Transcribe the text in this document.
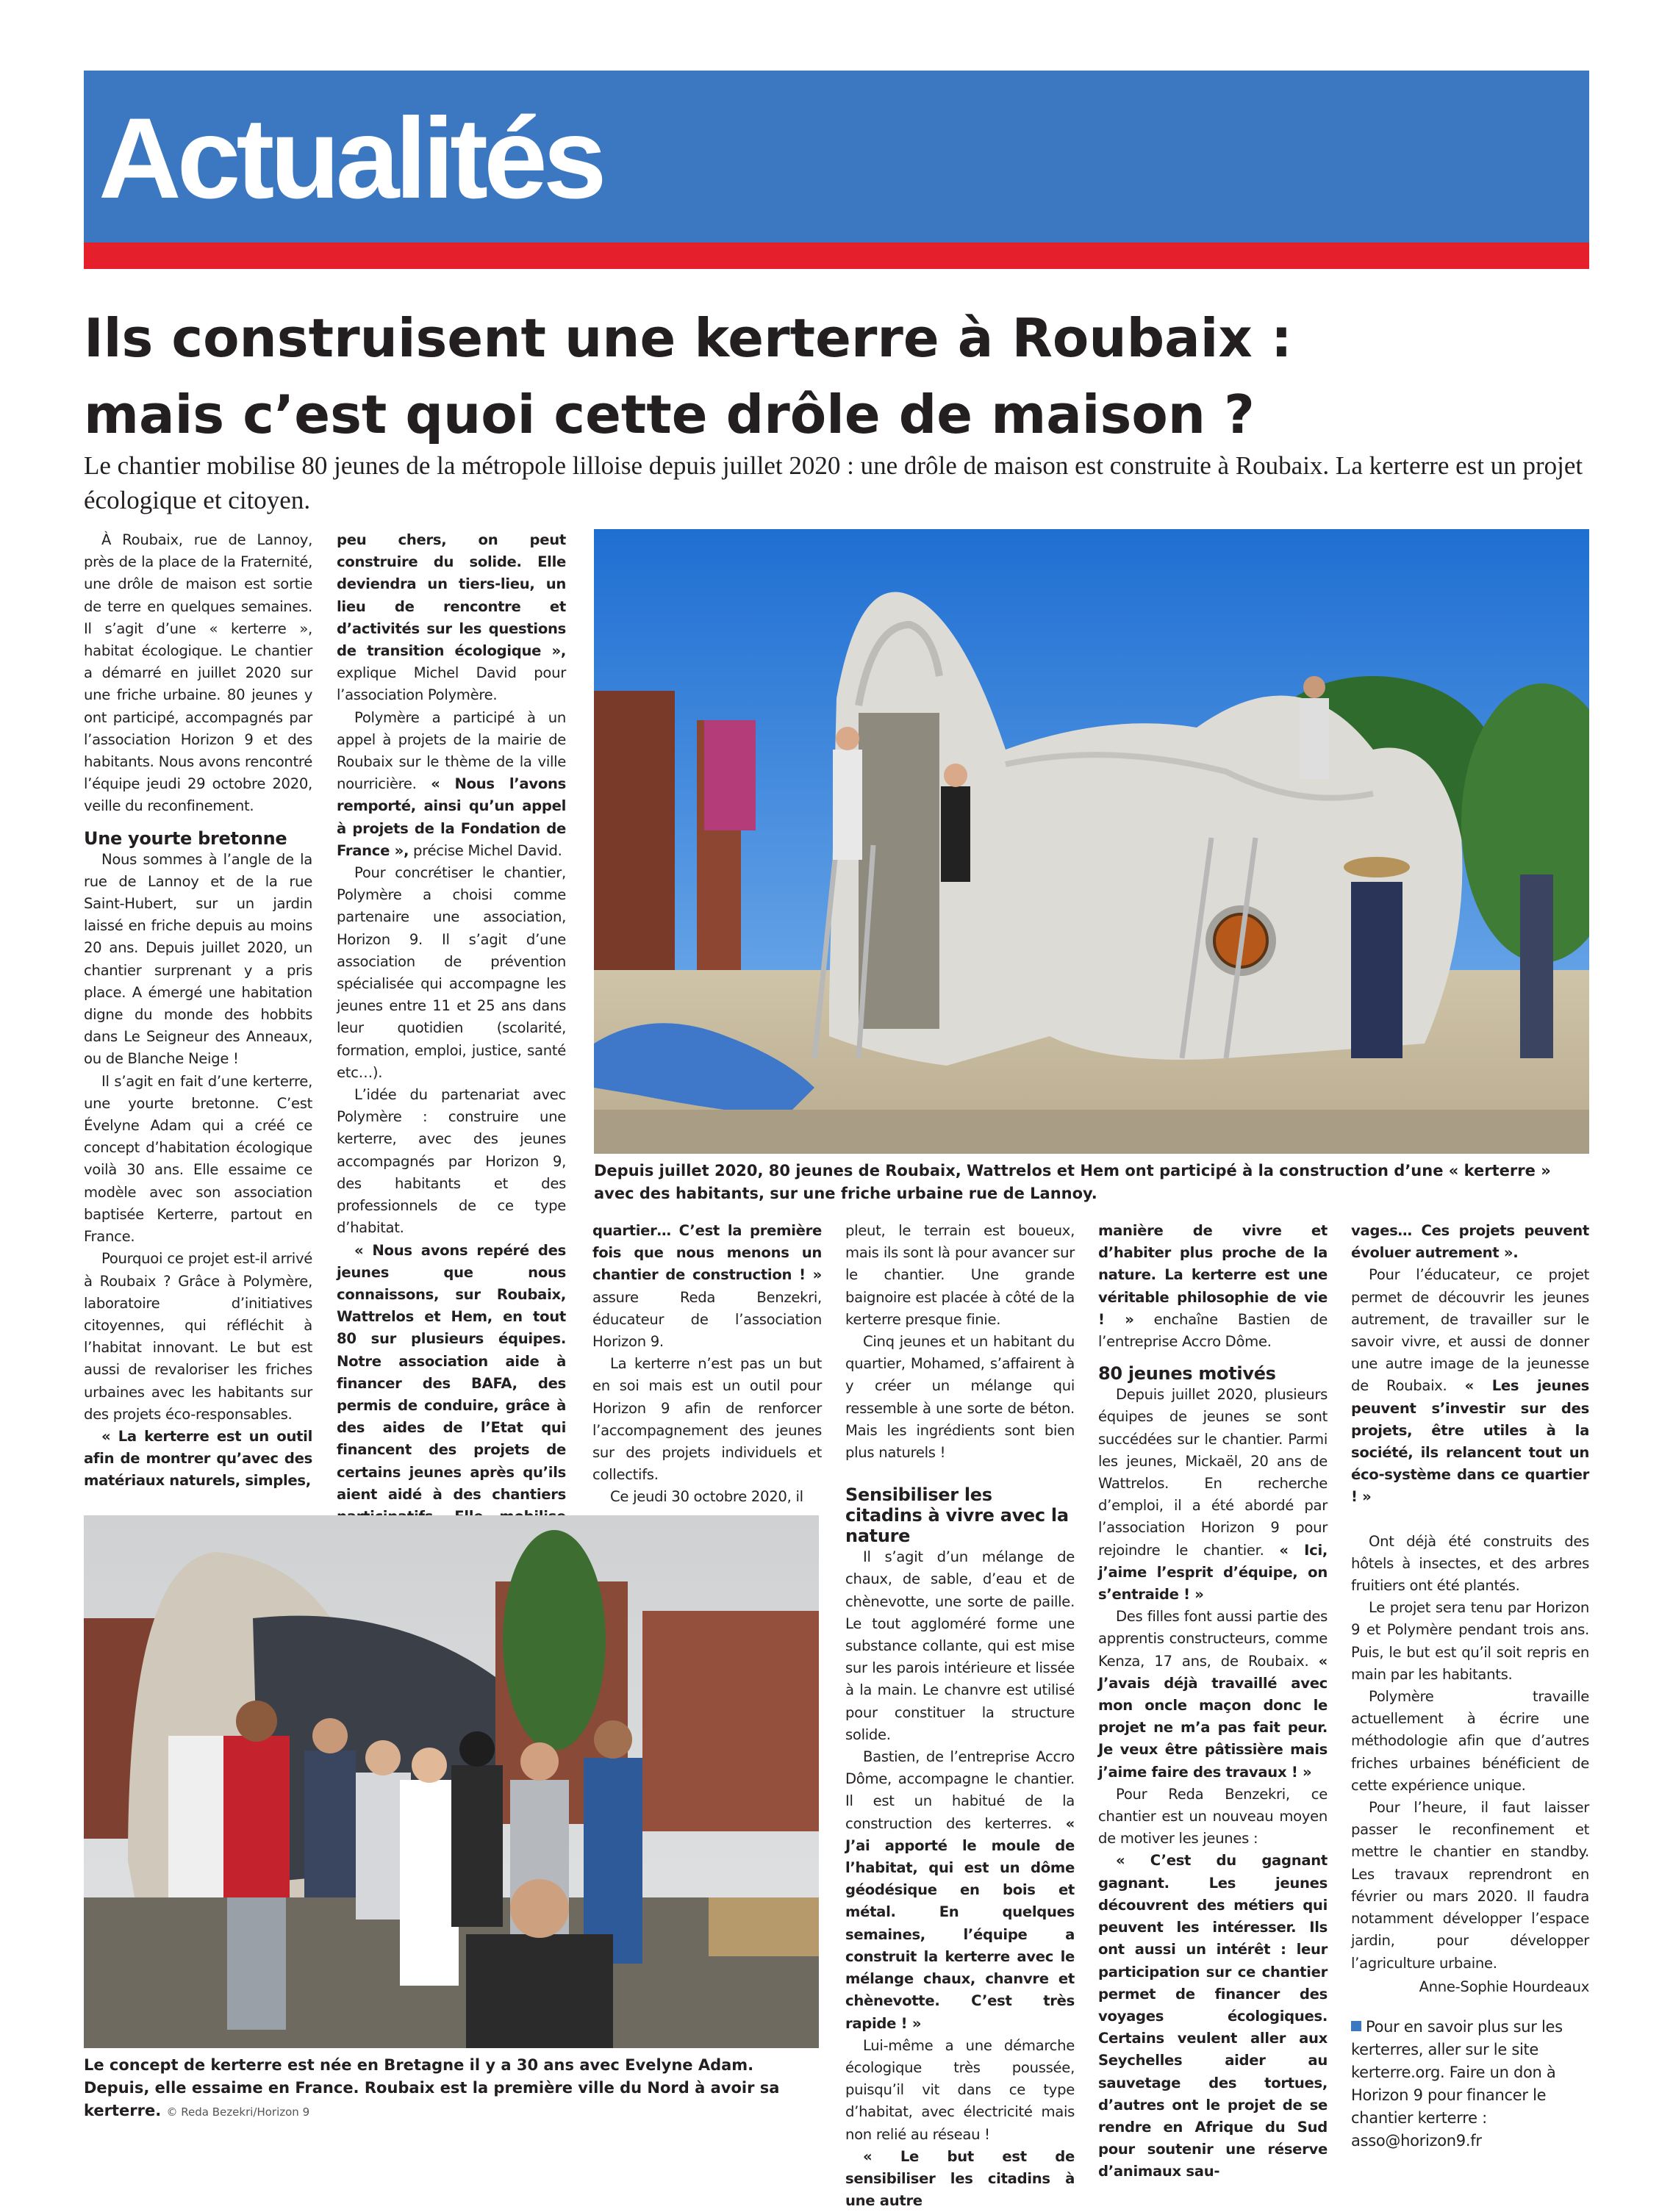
Actualités
Ils construisent une kerterre à Roubaix :
mais c’est quoi cette drôle de maison ?

Le chantier mobilise 80 jeunes de la métropole lilloise depuis juillet 2020 : une drôle de maison est construite à Roubaix. La kerterre est un projet écologique et citoyen.

À Roubaix, rue de Lannoy, près de la place de la Fraternité, une drôle de maison est sortie de terre en quelques semaines. Il s’agit d’une « kerterre », habitat écologique. Le chantier a démarré en juillet 2020 sur une friche urbaine. 80 jeunes y ont participé, accompagnés par l’association Horizon 9 et des habitants. Nous avons rencontré l’équipe jeudi 29 octobre 2020, veille du reconfinement.

Une yourte bretonne

Nous sommes à l’angle de la rue de Lannoy et de la rue Saint-Hubert, sur un jardin laissé en friche depuis au moins 20 ans. Depuis juillet 2020, un chantier surprenant y a pris place. A émergé une habitation digne du monde des hobbits dans Le Seigneur des Anneaux, ou de Blanche Neige !

Il s’agit en fait d’une kerterre, une yourte bretonne. C’est Évelyne Adam qui a créé ce concept d’habitation écologique voilà 30 ans. Elle essaime ce modèle avec son association baptisée Kerterre, partout en France.

Pourquoi ce projet est-il arrivé à Roubaix ? Grâce à Polymère, laboratoire d’initiatives citoyennes, qui réfléchit à l’habitat innovant. Le but est aussi de revaloriser les friches urbaines avec les habitants sur des projets éco-responsables.

« La kerterre est un outil afin de montrer qu’avec des matériaux naturels, simples,

peu chers, on peut construire du solide. Elle deviendra un tiers-lieu, un lieu de rencontre et d’activités sur les questions de transition écologique », explique Michel David pour l’association Polymère.

Polymère a participé à un appel à projets de la mairie de Roubaix sur le thème de la ville nourricière. « Nous l’avons remporté, ainsi qu’un appel à projets de la Fondation de France », précise Michel David.

Pour concrétiser le chantier, Polymère a choisi comme partenaire une association, Horizon 9. Il s’agit d’une association de prévention spécialisée qui accompagne les jeunes entre 11 et 25 ans dans leur quotidien (scolarité, formation, emploi, justice, santé etc…).

L’idée du partenariat avec Polymère : construire une kerterre, avec des jeunes accompagnés par Horizon 9, des habitants et des professionnels de ce type d’habitat.

« Nous avons repéré des jeunes que nous connaissons, sur Roubaix, Wattrelos et Hem, en tout 80 sur plusieurs équipes. Notre association aide à financer des BAFA, des permis de conduire, grâce à des aides de l’Etat qui financent des projets de certains jeunes après qu’ils aient aidé à des chantiers

Depuis juillet 2020, 80 jeunes de Roubaix, Wattrelos et Hem ont participé à la construction d’une « kerterre » avec des habitants, sur une friche urbaine rue de Lannoy.

Le concept de kerterre est née en Bretagne il y a 30 ans avec Evelyne Adam. Depuis, elle essaime en France. Roubaix est la première ville du Nord à avoir sa kerterre. © Reda Bezekri/Horizon 9

quartier… C’est la première fois que nous menons un chantier de construction ! » assure Reda Benzekri, éducateur de l’association Horizon 9.

La kerterre n’est pas un but en soi mais est un outil pour Horizon 9 afin de renforcer l’accompagnement des jeunes sur des projets individuels et collectifs.

Ce jeudi 30 octobre 2020, il

pleut, le terrain est boueux, mais ils sont là pour avancer sur le chantier. Une grande baignoire est placée à côté de la kerterre presque finie.

Cinq jeunes et un habitant du quartier, Mohamed, s’affairent à y créer un mélange qui ressemble à une sorte de béton. Mais les ingrédients sont bien plus naturels !

Sensibiliser les citadins à vivre avec la nature

Il s’agit d’un mélange de chaux, de sable, d’eau et de chènevotte, une sorte de paille. Le tout aggloméré forme une substance collante, qui est mise sur les parois intérieure et lissée à la main. Le chanvre est utilisé pour constituer la structure solide.

Bastien, de l’entreprise Accro Dôme, accompagne le chantier. Il est un habitué de la construction des kerterres. « J’ai apporté le moule de l’habitat, qui est un dôme géodésique en bois et métal. En quelques semaines, l’équipe a construit la kerterre avec le mélange chaux, chanvre et chènevotte. C’est très rapide ! »

Lui-même a une démarche écologique très poussée, puisqu’il vit dans ce type d’habitat, avec électricité mais non relié au réseau !

« Le but est de sensibiliser les citadins à une autre

manière de vivre et d’habiter plus proche de la nature. La kerterre est une véritable philosophie de vie ! » enchaîne Bastien de l’entreprise Accro Dôme.

80 jeunes motivés

Depuis juillet 2020, plusieurs équipes de jeunes se sont succédées sur le chantier. Parmi les jeunes, Mickaël, 20 ans de Wattrelos. En recherche d’emploi, il a été abordé par l’association Horizon 9 pour rejoindre le chantier. « Ici, j’aime l’esprit d’équipe, on s’entraide ! »

Des filles font aussi partie des apprentis constructeurs, comme Kenza, 17 ans, de Roubaix. « J’avais déjà travaillé avec mon oncle maçon donc le projet ne m’a pas fait peur. Je veux être pâtissière mais j’aime faire des travaux ! »

Pour Reda Benzekri, ce chantier est un nouveau moyen de motiver les jeunes :

« C’est du gagnant gagnant. Les jeunes découvrent des métiers qui peuvent les intéresser. Ils ont aussi un intérêt : leur participation sur ce chantier permet de financer des voyages écologiques. Certains veulent aller aux Seychelles aider au sauvetage des tortues, d’autres ont le projet de se rendre en Afrique du Sud pour soutenir une réserve d’animaux sau-

vages… Ces projets peuvent évoluer autrement ».

Pour l’éducateur, ce projet permet de découvrir les jeunes autrement, de travailler sur le savoir vivre, et aussi de donner une autre image de la jeunesse de Roubaix. « Les jeunes peuvent s’investir sur des projets, être utiles à la société, ils relancent tout un éco-système dans ce quartier ! »

Ont déjà été construits des hôtels à insectes, et des arbres fruitiers ont été plantés.

Le projet sera tenu par Horizon 9 et Polymère pendant trois ans. Puis, le but est qu’il soit repris en main par les habitants.

Polymère travaille actuellement à écrire une méthodologie afin que d’autres friches urbaines bénéficient de cette expérience unique.

Pour l’heure, il faut laisser passer le reconfinement et mettre le chantier en standby. Les travaux reprendront en février ou mars 2020. Il faudra notamment développer l’espace jardin, pour développer l’agriculture urbaine.

Anne-Sophie Hourdeaux

Pour en savoir plus sur les kerterres, aller sur le site kerterre.org. Faire un don à Horizon 9 pour financer le chantier kerterre : asso@horizon9.fr
